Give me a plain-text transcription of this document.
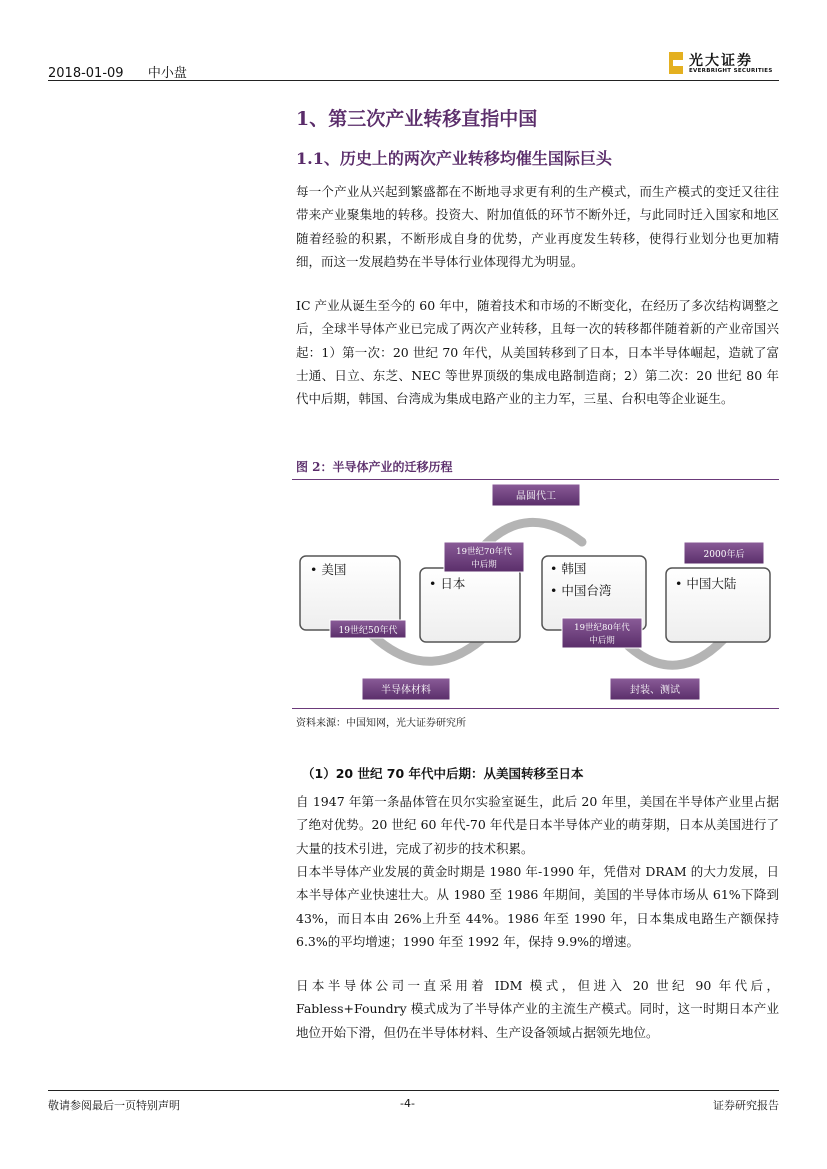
2018-01-09 中小盘
光大证券
EVERBRIGHT SECURITIES
1、第三次产业转移直指中国
1.1、历史上的两次产业转移均催生国际巨头
每一个产业从兴起到繁盛都在不断地寻求更有利的生产模式，而生产模式的变迁又往往带来产业聚集地的转移。投资大、附加值低的环节不断外迁，与此同时迁入国家和地区随着经验的积累，不断形成自身的优势，产业再度发生转移，使得行业划分也更加精细，而这一发展趋势在半导体行业体现得尤为明显。
IC 产业从诞生至今的 60 年中，随着技术和市场的不断变化，在经历了多次结构调整之后，全球半导体产业已完成了两次产业转移，且每一次的转移都伴随着新的产业帝国兴起：1）第一次：20 世纪 70 年代，从美国转移到了日本，日本半导体崛起，造就了富士通、日立、东芝、NEC 等世界顶级的集成电路制造商；2）第二次：20 世纪 80 年代中后期，韩国、台湾成为集成电路产业的主力军，三星、台积电等企业诞生。
图 2：半导体产业的迁移历程
• 美国
• 日本
• 韩国
• 中国台湾	• 中国大陆
19世纪50年代
19世纪70年代
中后期
19世纪80年代
中后期
2000年后
晶圆代工
半导体材料	封装、测试
资料来源：中国知网，光大证券研究所
（1）20 世纪 70 年代中后期：从美国转移至日本
自 1947 年第一条晶体管在贝尔实验室诞生，此后 20 年里，美国在半导体产业里占据了绝对优势。20 世纪 60 年代-70 年代是日本半导体产业的萌芽期，日本从美国进行了大量的技术引进，完成了初步的技术积累。
日本半导体产业发展的黄金时期是 1980 年-1990 年，凭借对 DRAM 的大力发展，日本半导体产业快速壮大。从 1980 至 1986 年期间，美国的半导体市场从 61%下降到 43%，而日本由 26%上升至 44%。1986 年至 1990 年，日本集成电路生产额保持 6.3%的平均增速；1990 年至 1992 年，保持 9.9%的增速。
日本半导体公司一直采用着 IDM 模式，但进入 20 世纪 90 年代后，Fabless+Foundry 模式成为了半导体产业的主流生产模式。同时，这一时期日本产业地位开始下滑，但仍在半导体材料、生产设备领域占据领先地位。
敬请参阅最后一页特别声明	-4-	证券研究报告
